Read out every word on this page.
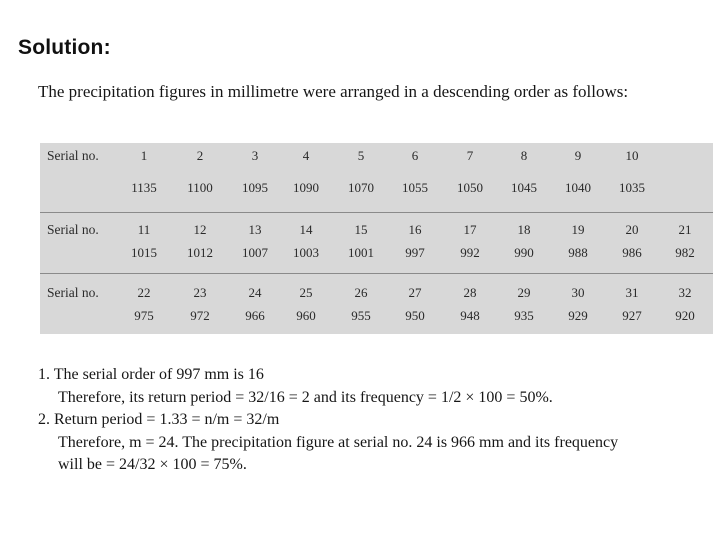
Solution:
The precipitation figures in millimetre were arranged in a descending order as follows:
Serial no.	1	2	3	4	5	6	7	8	9	10
1135	1100	1095	1090	1070	1055	1050	1045	1040	1035
Serial no.	11	12	13	14	15	16	17	18	19	20	21
1015	1012	1007	1003	1001	997	992	990	988	986	982
Serial no.	22	23	24	25	26	27	28	29	30	31	32
975	972	966	960	955	950	948	935	929	927	920
1. The serial order of 997 mm is 16
Therefore, its return period = 32/16 = 2 and its frequency = 1/2 × 100 = 50%.
2. Return period = 1.33 = n/m = 32/m
Therefore, m = 24. The precipitation figure at serial no. 24 is 966 mm and its frequency
will be = 24/32 × 100 = 75%.
